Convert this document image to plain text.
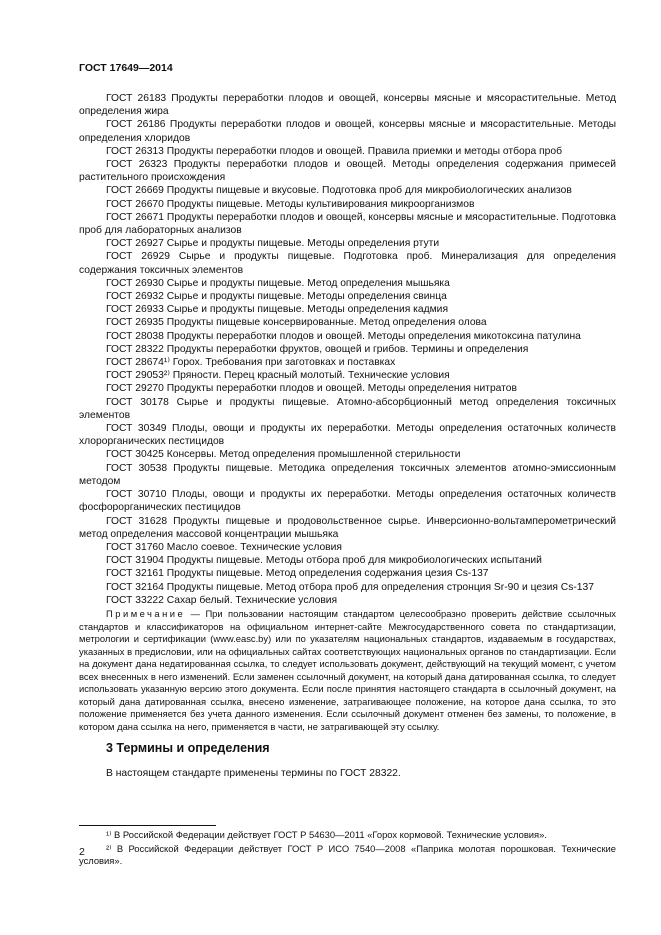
ГОСТ 17649—2014
ГОСТ 26183 Продукты переработки плодов и овощей, консервы мясные и мясорастительные. Метод определения жира
ГОСТ 26186 Продукты переработки плодов и овощей, консервы мясные и мясорастительные. Методы определения хлоридов
ГОСТ 26313 Продукты переработки плодов и овощей. Правила приемки и методы отбора проб
ГОСТ 26323 Продукты переработки плодов и овощей. Методы определения содержания примесей растительного происхождения
ГОСТ 26669 Продукты пищевые и вкусовые. Подготовка проб для микробиологических анализов
ГОСТ 26670 Продукты пищевые. Методы культивирования микроорганизмов
ГОСТ 26671 Продукты переработки плодов и овощей, консервы мясные и мясорастительные. Подготовка проб для лабораторных анализов
ГОСТ 26927 Сырье и продукты пищевые. Методы определения ртути
ГОСТ 26929 Сырье и продукты пищевые. Подготовка проб. Минерализация для определения содержания токсичных элементов
ГОСТ 26930 Сырье и продукты пищевые. Метод определения мышьяка
ГОСТ 26932 Сырье и продукты пищевые. Методы определения свинца
ГОСТ 26933 Сырье и продукты пищевые. Методы определения кадмия
ГОСТ 26935 Продукты пищевые консервированные. Метод определения олова
ГОСТ 28038 Продукты переработки плодов и овощей. Методы определения микотоксина патулина
ГОСТ 28322 Продукты переработки фруктов, овощей и грибов. Термины и определения
ГОСТ 28674¹⁾ Горох. Требования при заготовках и поставках
ГОСТ 29053²⁾ Пряности. Перец красный молотый. Технические условия
ГОСТ 29270 Продукты переработки плодов и овощей. Методы определения нитратов
ГОСТ 30178 Сырье и продукты пищевые. Атомно-абсорбционный метод определения токсичных элементов
ГОСТ 30349 Плоды, овощи и продукты их переработки. Методы определения остаточных количеств хлорорганических пестицидов
ГОСТ 30425 Консервы. Метод определения промышленной стерильности
ГОСТ 30538 Продукты пищевые. Методика определения токсичных элементов атомно-эмиссионным методом
ГОСТ 30710 Плоды, овощи и продукты их переработки. Методы определения остаточных количеств фосфорорганических пестицидов
ГОСТ 31628 Продукты пищевые и продовольственное сырье. Инверсионно-вольтамперометрический метод определения массовой концентрации мышьяка
ГОСТ 31760 Масло соевое. Технические условия
ГОСТ 31904 Продукты пищевые. Методы отбора проб для микробиологических испытаний
ГОСТ 32161 Продукты пищевые. Метод определения содержания цезия Cs-137
ГОСТ 32164 Продукты пищевые. Метод отбора проб для определения стронция Sr-90 и цезия Cs-137
ГОСТ 33222 Сахар белый. Технические условия
Примечание — При пользовании настоящим стандартом целесообразно проверить действие ссылочных стандартов и классификаторов на официальном интернет-сайте Межгосударственного совета по стандартизации, метрологии и сертификации (www.easc.by) или по указателям национальных стандартов, издаваемым в государствах, указанных в предисловии, или на официальных сайтах соответствующих национальных органов по стандартизации. Если на документ дана недатированная ссылка, то следует использовать документ, действующий на текущий момент, с учетом всех внесенных в него изменений. Если заменен ссылочный документ, на который дана датированная ссылка, то следует использовать указанную версию этого документа. Если после принятия настоящего стандарта в ссылочный документ, на который дана датированная ссылка, внесено изменение, затрагивающее положение, на которое дана ссылка, то это положение применяется без учета данного изменения. Если ссылочный документ отменен без замены, то положение, в котором дана ссылка на него, применяется в части, не затрагивающей эту ссылку.
3 Термины и определения
В настоящем стандарте применены термины по ГОСТ 28322.
¹⁾ В Российской Федерации действует ГОСТ Р 54630—2011 «Горох кормовой. Технические условия».
²⁾ В Российской Федерации действует ГОСТ Р ИСО 7540—2008 «Паприка молотая порошковая. Технические условия».
2
